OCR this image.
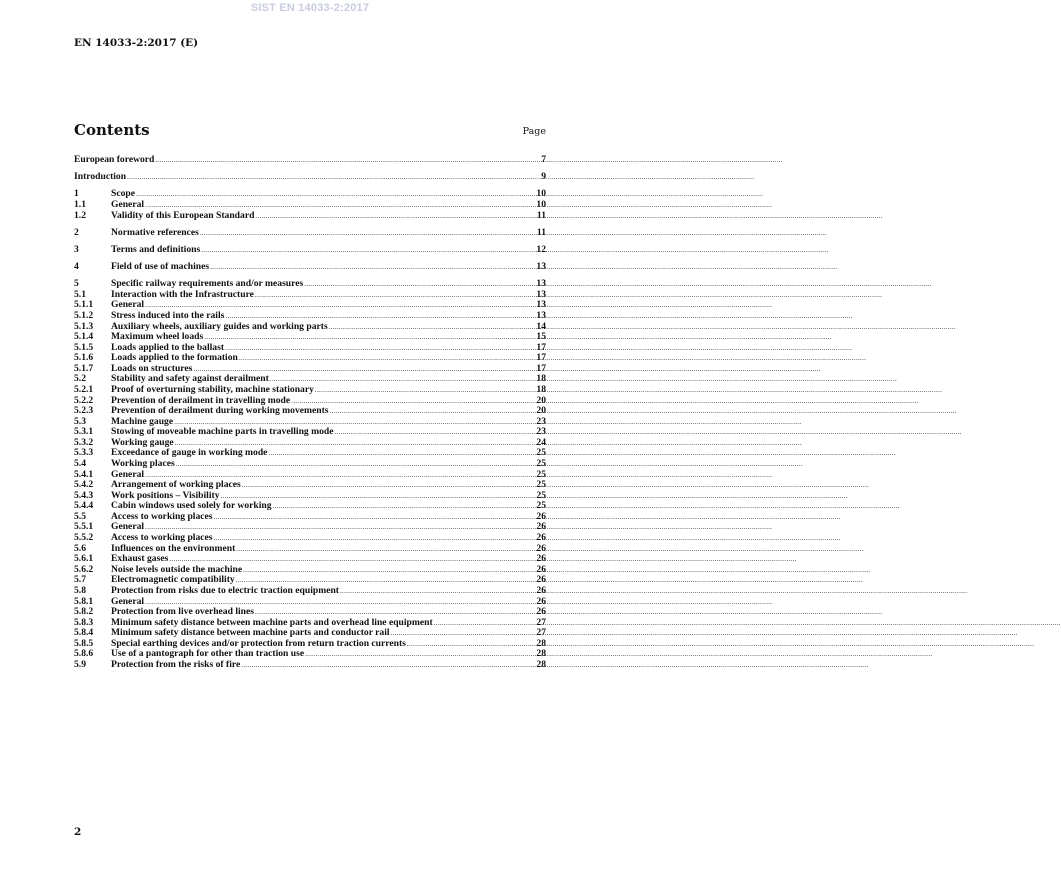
SIST EN 14033-2:2017
EN 14033-2:2017 (E)
Contents	Page
European foreword .....	7
Introduction .....	9
1	Scope .....	10
1.1	General .....	10
1.2	Validity of this European Standard .....	11
2	Normative references .....	11
3	Terms and definitions .....	12
4	Field of use of machines .....	13
5	Specific railway requirements and/or measures .....	13
5.1	Interaction with the Infrastructure .....	13
5.1.1	General .....	13
5.1.2	Stress induced into the rails .....	13
5.1.3	Auxiliary wheels, auxiliary guides and working parts .....	14
5.1.4	Maximum wheel loads .....	15
5.1.5	Loads applied to the ballast .....	17
5.1.6	Loads applied to the formation .....	17
5.1.7	Loads on structures .....	17
5.2	Stability and safety against derailment .....	18
5.2.1	Proof of overturning stability, machine stationary .....	18
5.2.2	Prevention of derailment in travelling mode .....	20
5.2.3	Prevention of derailment during working movements .....	20
5.3	Machine gauge .....	23
5.3.1	Stowing of moveable machine parts in travelling mode .....	23
5.3.2	Working gauge .....	24
5.3.3	Exceedance of gauge in working mode .....	25
5.4	Working places .....	25
5.4.1	General .....	25
5.4.2	Arrangement of working places .....	25
5.4.3	Work positions – Visibility .....	25
5.4.4	Cabin windows used solely for working .....	25
5.5	Access to working places .....	26
5.5.1	General .....	26
5.5.2	Access to working places .....	26
5.6	Influences on the environment .....	26
5.6.1	Exhaust gases .....	26
5.6.2	Noise levels outside the machine .....	26
5.7	Electromagnetic compatibility .....	26
5.8	Protection from risks due to electric traction equipment .....	26
5.8.1	General .....	26
5.8.2	Protection from live overhead lines .....	26
5.8.3	Minimum safety distance between machine parts and overhead line equipment .....	27
5.8.4	Minimum safety distance between machine parts and conductor rail .....	27
5.8.5	Special earthing devices and/or protection from return traction currents .....	28
5.8.6	Use of a pantograph for other than traction use .....	28
5.9	Protection from the risks of fire .....	28
2
